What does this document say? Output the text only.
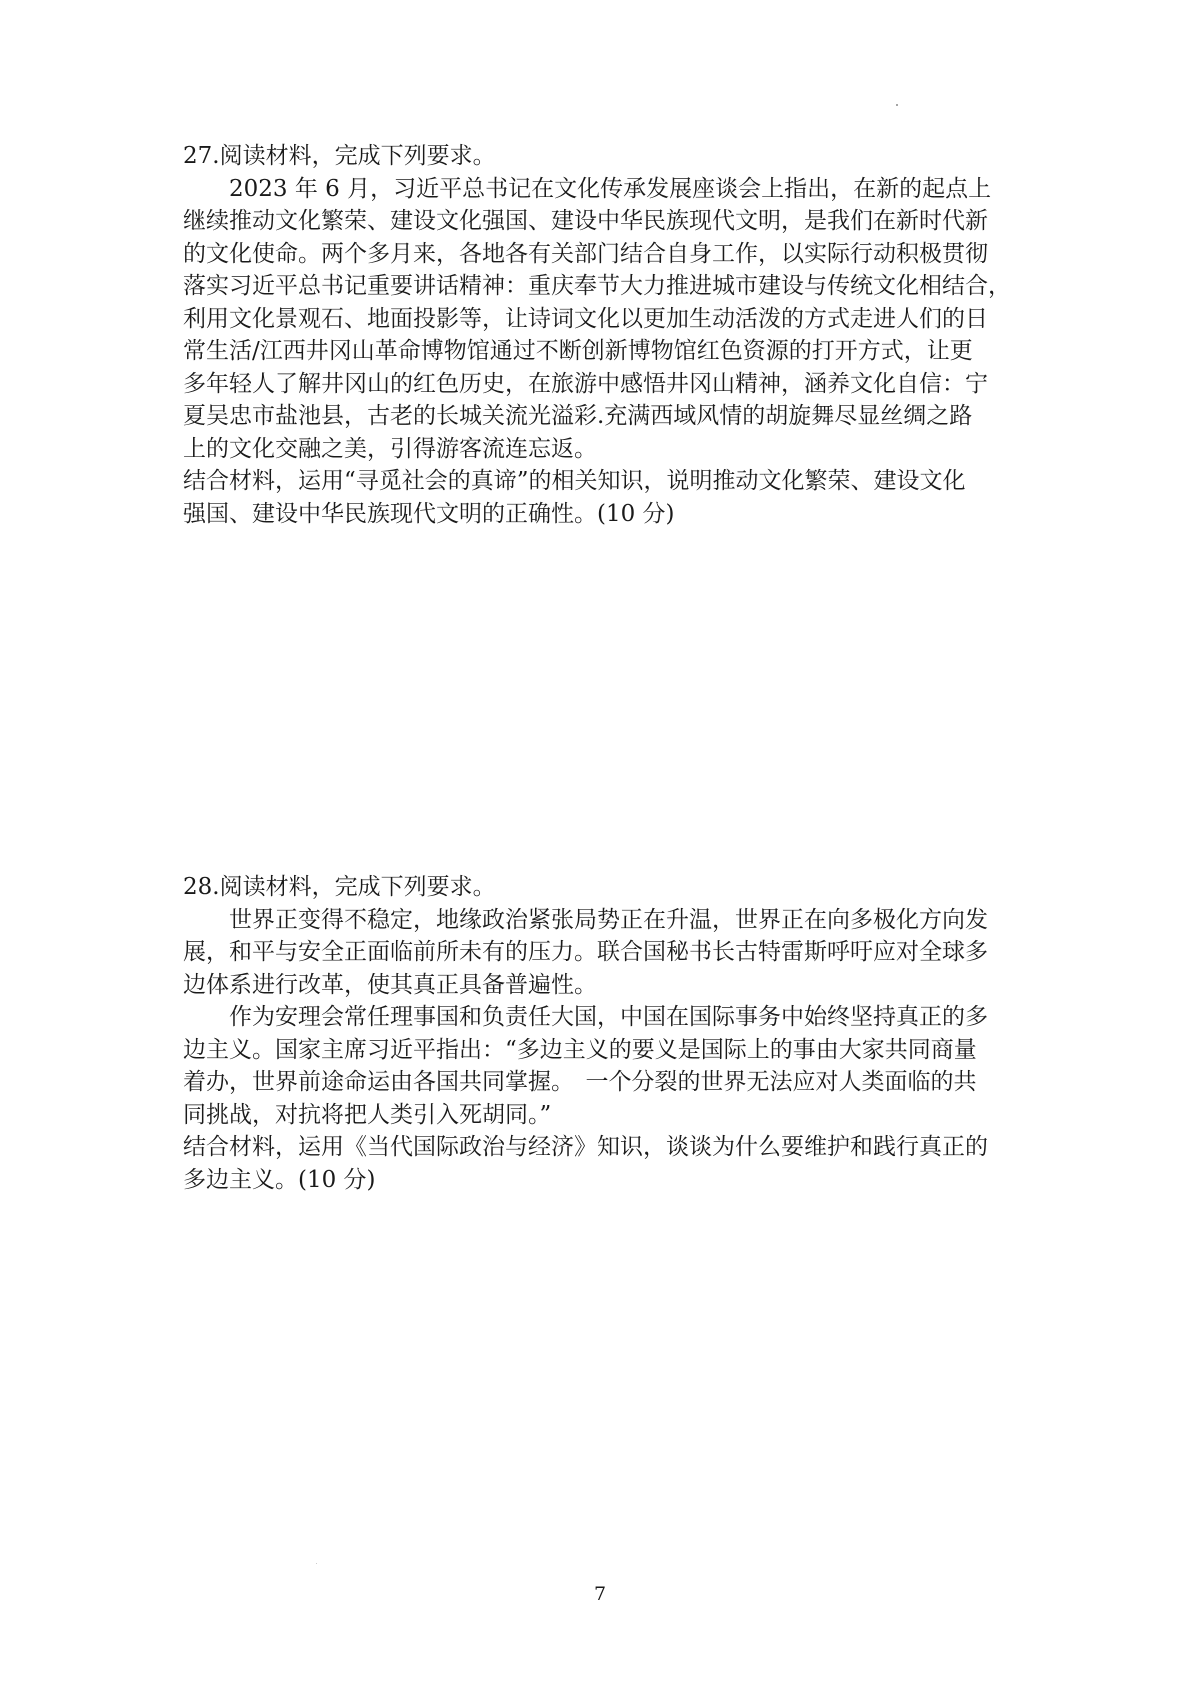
27.阅读材料，完成下列要求。

2023 年 6 月，习近平总书记在文化传承发展座谈会上指出，在新的起点上

继续推动文化繁荣、建设文化强国、建设中华民族现代文明，是我们在新时代新

的文化使命。两个多月来，各地各有关部门结合自身工作，以实际行动积极贯彻

落实习近平总书记重要讲话精神：重庆奉节大力推进城市建设与传统文化相结合，

利用文化景观石、地面投影等，让诗词文化以更加生动活泼的方式走进人们的日

常生活/江西井冈山革命博物馆通过不断创新博物馆红色资源的打开方式，让更

多年轻人了解井冈山的红色历史，在旅游中感悟井冈山精神，涵养文化自信：宁

夏吴忠市盐池县，古老的长城关流光溢彩.充满西域风情的胡旋舞尽显丝绸之路

上的文化交融之美，引得游客流连忘返。

结合材料，运用“寻觅社会的真谛”的相关知识，说明推动文化繁荣、建设文化

强国、建设中华民族现代文明的正确性。(10 分)

28.阅读材料，完成下列要求。

世界正变得不稳定，地缘政治紧张局势正在升温，世界正在向多极化方向发

展，和平与安全正面临前所未有的压力。联合国秘书长古特雷斯呼吁应对全球多

边体系进行改革，使其真正具备普遍性。

作为安理会常任理事国和负责任大国，中国在国际事务中始终坚持真正的多

边主义。国家主席习近平指出：“多边主义的要义是国际上的事由大家共同商量

着办，世界前途命运由各国共同掌握。　一个分裂的世界无法应对人类面临的共

同挑战，对抗将把人类引入死胡同。”

结合材料，运用《当代国际政治与经济》知识，谈谈为什么要维护和践行真正的

多边主义。(10 分)

7
